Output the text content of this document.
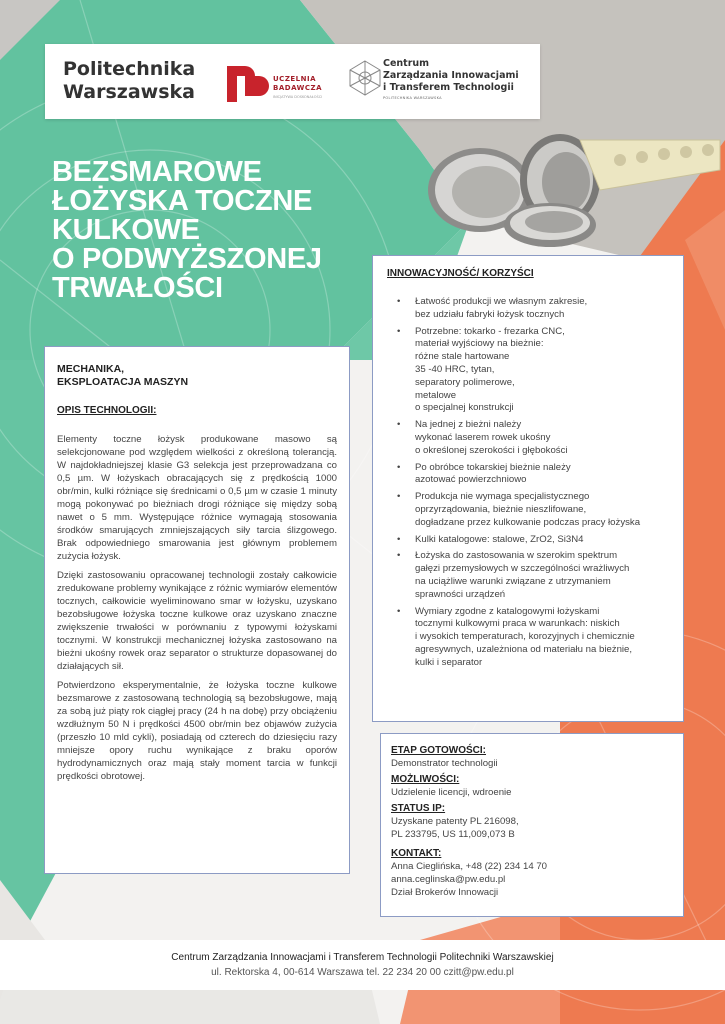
Politechnika
Warszawska
UCZELNIA
BADAWCZA
INICJATYWA DOSKONAŁOŚCI
Centrum
Zarządzania Innowacjami
i Transferem Technologii
POLITECHNIKA WARSZAWSKA
BEZSMAROWE
ŁOŻYSKA TOCZNE
KULKOWE
O PODWYŻSZONEJ
TRWAŁOŚCI
MECHANIKA,
EKSPLOATACJA MASZYN
OPIS TECHNOLOGII:

Elementy toczne łożysk produkowane masowo są selekcjonowane pod względem wielkości z określoną tolerancją. W najdokładniejszej klasie G3 selekcja jest przeprowadzana co 0,5 µm. W łożyskach obracających się z prędkością 1000 obr/min, kulki różniące się średnicami o 0,5 µm w czasie 1 minuty mogą pokonywać po bieżniach drogi różniące się między sobą nawet o 5 mm. Występujące różnice wymagają stosowania środków smarujących zmniejszających siły tarcia ślizgowego. Brak odpowiedniego smarowania jest głównym problemem zużycia łożysk.

Dzięki zastosowaniu opracowanej technologii zostały całkowicie zredukowane problemy wynikające z różnic wymiarów elementów tocznych, całkowicie wyeliminowano smar w łożysku, uzyskano bezobsługowe łożyska toczne kulkowe oraz uzyskano znaczne zwiększenie trwałości w porównaniu z typowymi łożyskami tocznymi. W konstrukcji mechanicznej łożyska zastosowano na bieżni ukośny rowek oraz separator o strukturze dopasowanej do działających sił.

Potwierdzono eksperymentalnie, że łożyska toczne kulkowe bezsmarowe z zastosowaną technologią są bezobsługowe, mają za sobą już piąty rok ciągłej pracy (24 h na dobę) przy obciążeniu wzdłużnym 50 N i prędkości 4500 obr/min bez objawów zużycia (przeszło 10 mld cykli), posiadają od czterech do dziesięciu razy mniejsze opory ruchu wynikające z braku oporów hydrodynamicznych oraz mają stały moment tarcia w funkcji prędkości obrotowej.

INNOWACYJNOŚĆ/ KORZYŚCI
• Łatwość produkcji we własnym zakresie,
bez udziału fabryki łożysk tocznych
• Potrzebne: tokarko - frezarka CNC,
materiał wyjściowy na bieżnie:
różne stale hartowane
35 -40 HRC, tytan,
separatory polimerowe,
metalowe
o specjalnej konstrukcji
• Na jednej z bieżni należy
wykonać laserem rowek ukośny
o określonej szerokości i głębokości
• Po obróbce tokarskiej bieżnie należy
azotować powierzchniowo
• Produkcja nie wymaga specjalistycznego
oprzyrządowania, bieżnie nieszlifowane,
dogładzane przez kulkowanie podczas pracy łożyska
• Kulki katalogowe: stalowe, ZrO2, Si3N4
• Łożyska do zastosowania w szerokim spektrum
gałęzi przemysłowych w szczególności wrażliwych
na uciążliwe warunki związane z utrzymaniem
sprawności urządzeń
• Wymiary zgodne z katalogowymi łożyskami
tocznymi kulkowymi praca w warunkach: niskich
i wysokich temperaturach, korozyjnych i chemicznie
agresywnych, uzależniona od materiału na bieżnie,
kulki i separator
ETAP GOTOWOŚCI:
Demonstrator technologii
MOŻLIWOŚCI:
Udzielenie licencji, wdroenie
STATUS IP:
Uzyskane patenty PL 216098,
PL 233795, US 11,009,073 B
KONTAKT:
Anna Cieglińska, +48 (22) 234 14 70
anna.ceglinska@pw.edu.pl
Dział Brokerów Innowacji
Centrum Zarządzania Innowacjami i Transferem Technologii Politechniki Warszawskiej
ul. Rektorska 4, 00-614 Warszawa tel. 22 234 20 00 czitt@pw.edu.pl
